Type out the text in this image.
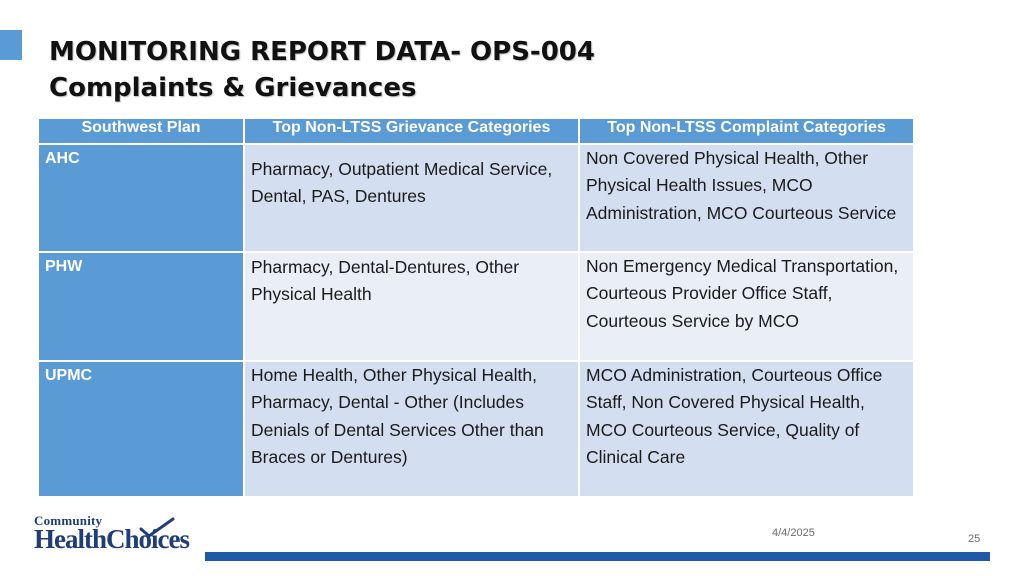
MONITORING REPORT DATA- OPS-004
Complaints & Grievances
Southwest Plan	Top Non-LTSS Grievance Categories	Top Non-LTSS Complaint Categories
AHC	Pharmacy, Outpatient Medical Service, Dental, PAS, Dentures	Non Covered Physical Health, Other Physical Health Issues, MCO Administration, MCO Courteous Service
PHW	Pharmacy, Dental-Dentures, Other Physical Health	Non Emergency Medical Transportation, Courteous Provider Office Staff, Courteous Service by MCO
UPMC	Home Health, Other Physical Health, Pharmacy, Dental - Other (Includes Denials of Dental Services Other than Braces or Dentures)	MCO Administration, Courteous Office Staff, Non Covered Physical Health, MCO Courteous Service, Quality of Clinical Care
Community
HealthChoices	4/4/2025	25
